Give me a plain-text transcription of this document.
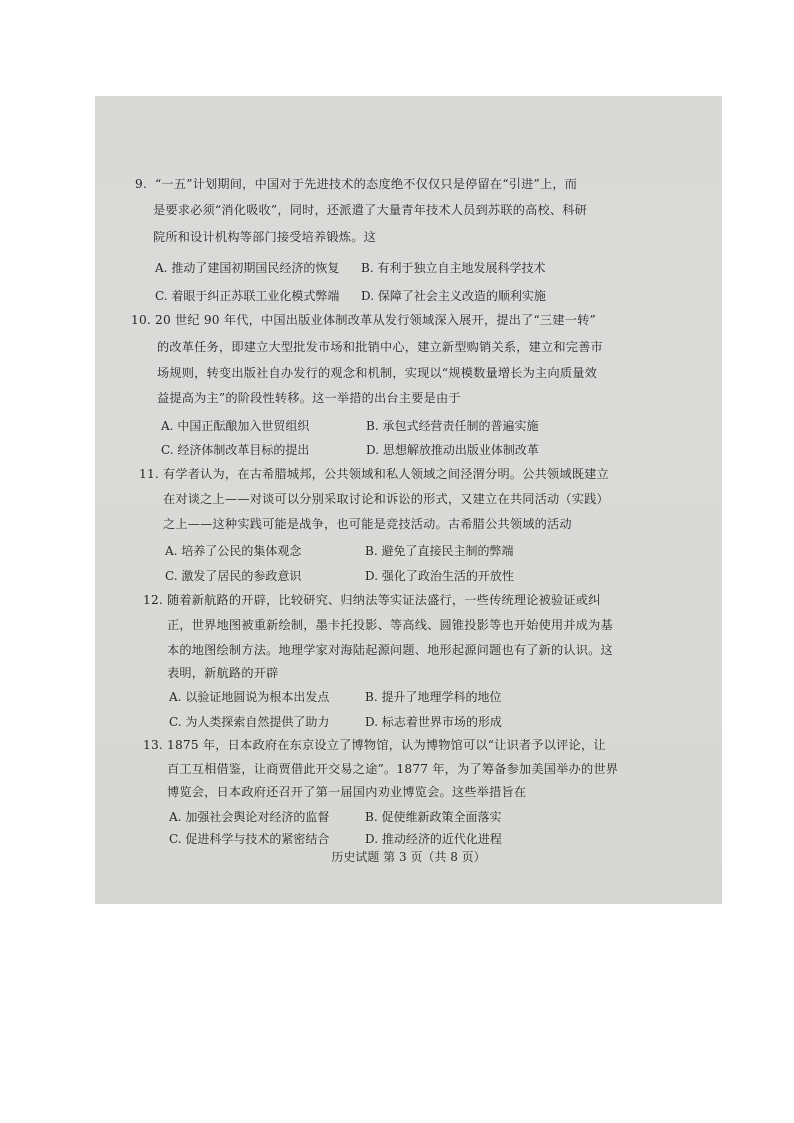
9. “一五”计划期间，中国对于先进技术的态度绝不仅仅只是停留在“引进”上，而
是要求必须“消化吸收”，同时，还派遣了大量青年技术人员到苏联的高校、科研
院所和设计机构等部门接受培养锻炼。这
A. 推动了建国初期国民经济的恢复 B. 有利于独立自主地发展科学技术
C. 着眼于纠正苏联工业化模式弊端 D. 保障了社会主义改造的顺利实施
10. 20 世纪 90 年代，中国出版业体制改革从发行领域深入展开，提出了“三建一转”
的改革任务，即建立大型批发市场和批销中心，建立新型购销关系，建立和完善市
场规则，转变出版社自办发行的观念和机制，实现以“规模数量增长为主向质量效
益提高为主”的阶段性转移。这一举措的出台主要是由于
A. 中国正酝酿加入世贸组织	B. 承包式经营责任制的普遍实施
C. 经济体制改革目标的提出	D. 思想解放推动出版业体制改革
11. 有学者认为，在古希腊城邦，公共领域和私人领域之间泾渭分明。公共领域既建立
在对谈之上——对谈可以分别采取讨论和诉讼的形式，又建立在共同活动（实践）
之上——这种实践可能是战争，也可能是竞技活动。古希腊公共领域的活动
A. 培养了公民的集体观念	B. 避免了直接民主制的弊端
C. 激发了居民的参政意识	D. 强化了政治生活的开放性
12. 随着新航路的开辟，比较研究、归纳法等实证法盛行，一些传统理论被验证或纠
正，世界地图被重新绘制，墨卡托投影、等高线、圆锥投影等也开始使用并成为基
本的地图绘制方法。地理学家对海陆起源问题、地形起源问题也有了新的认识。这
表明，新航路的开辟
A. 以验证地圆说为根本出发点	B. 提升了地理学科的地位
C. 为人类探索自然提供了助力	D. 标志着世界市场的形成
13. 1875 年，日本政府在东京设立了博物馆，认为博物馆可以“让识者予以评论，让
百工互相借鉴，让商贾借此开交易之途”。1877 年，为了筹备参加美国举办的世界
博览会，日本政府还召开了第一届国内劝业博览会。这些举措旨在
A. 加强社会舆论对经济的监督	B. 促使维新政策全面落实
C. 促进科学与技术的紧密结合	D. 推动经济的近代化进程
历史试题 第 3 页（共 8 页）
